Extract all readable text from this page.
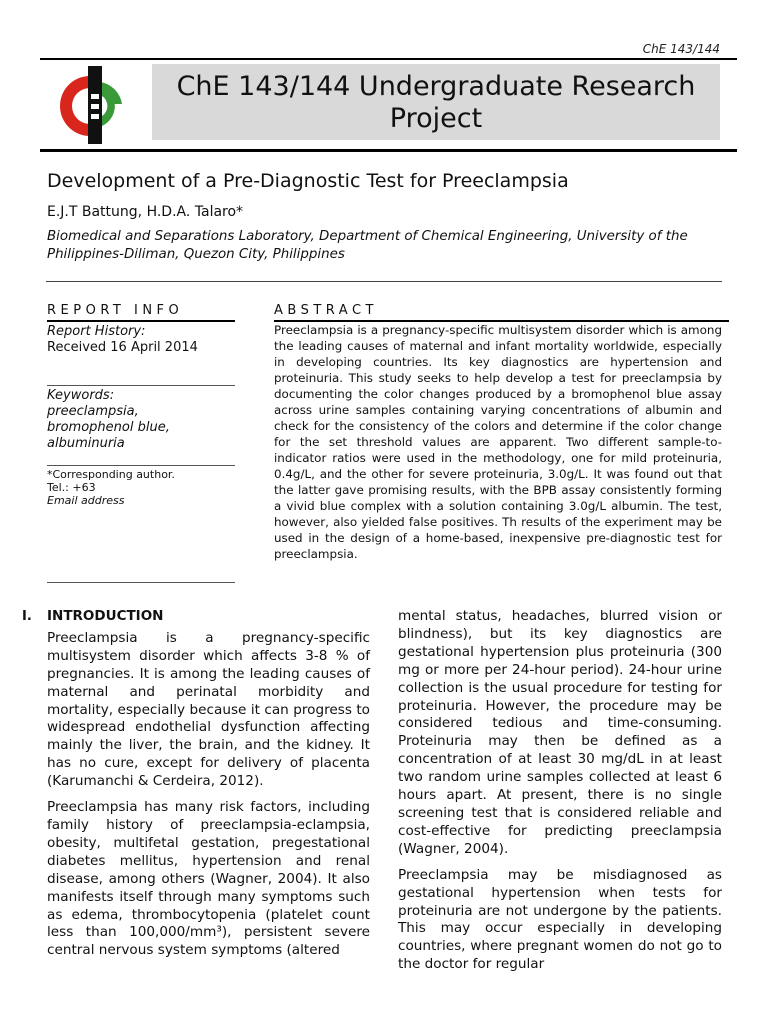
ChE 143/144
ChE 143/144 Undergraduate Research Project
Development of a Pre-Diagnostic Test for Preeclampsia
E.J.T Battung, H.D.A. Talaro*
Biomedical and Separations Laboratory, Department of Chemical Engineering, University of the Philippines-Diliman, Quezon City, Philippines
REPORT INFO
Report History:
Received 16 April 2014
Keywords:
preeclampsia,
bromophenol blue,
albuminuria
*Corresponding author.
Tel.: +63
Email address
ABSTRACT
Preeclampsia is a pregnancy-specific multisystem disorder which is among the leading causes of maternal and infant mortality worldwide, especially in developing countries. Its key diagnostics are hypertension and proteinuria. This study seeks to help develop a test for preeclampsia by documenting the color changes produced by a bromophenol blue assay across urine samples containing varying concentrations of albumin and check for the consistency of the colors and determine if the color change for the set threshold values are apparent. Two different sample-to-indicator ratios were used in the methodology, one for mild proteinuria, 0.4g/L, and the other for severe proteinuria, 3.0g/L. It was found out that the latter gave promising results, with the BPB assay consistently forming a vivid blue complex with a solution containing 3.0g/L albumin. The test, however, also yielded false positives. Th results of the experiment may be used in the design of a home-based, inexpensive pre-diagnostic test for preeclampsia.
I. INTRODUCTION

Preeclampsia is a pregnancy-specific multisystem disorder which affects 3-8 % of pregnancies. It is among the leading causes of maternal and perinatal morbidity and mortality, especially because it can progress to widespread endothelial dysfunction affecting mainly the liver, the brain, and the kidney. It has no cure, except for delivery of placenta (Karumanchi & Cerdeira, 2012).

Preeclampsia has many risk factors, including family history of preeclampsia-eclampsia, obesity, multifetal gestation, pregestational diabetes mellitus, hypertension and renal disease, among others (Wagner, 2004). It also manifests itself through many symptoms such as edema, thrombocytopenia (platelet count less than 100,000/mm³), persistent severe central nervous system symptoms (altered

mental status, headaches, blurred vision or blindness), but its key diagnostics are gestational hypertension plus proteinuria (300 mg or more per 24-hour period). 24-hour urine collection is the usual procedure for testing for proteinuria. However, the procedure may be considered tedious and time-consuming. Proteinuria may then be defined as a concentration of at least 30 mg/dL in at least two random urine samples collected at least 6 hours apart. At present, there is no single screening test that is considered reliable and cost-effective for predicting preeclampsia (Wagner, 2004).

Preeclampsia may be misdiagnosed as gestational hypertension when tests for proteinuria are not undergone by the patients. This may occur especially in developing countries, where pregnant women do not go to the doctor for regular
